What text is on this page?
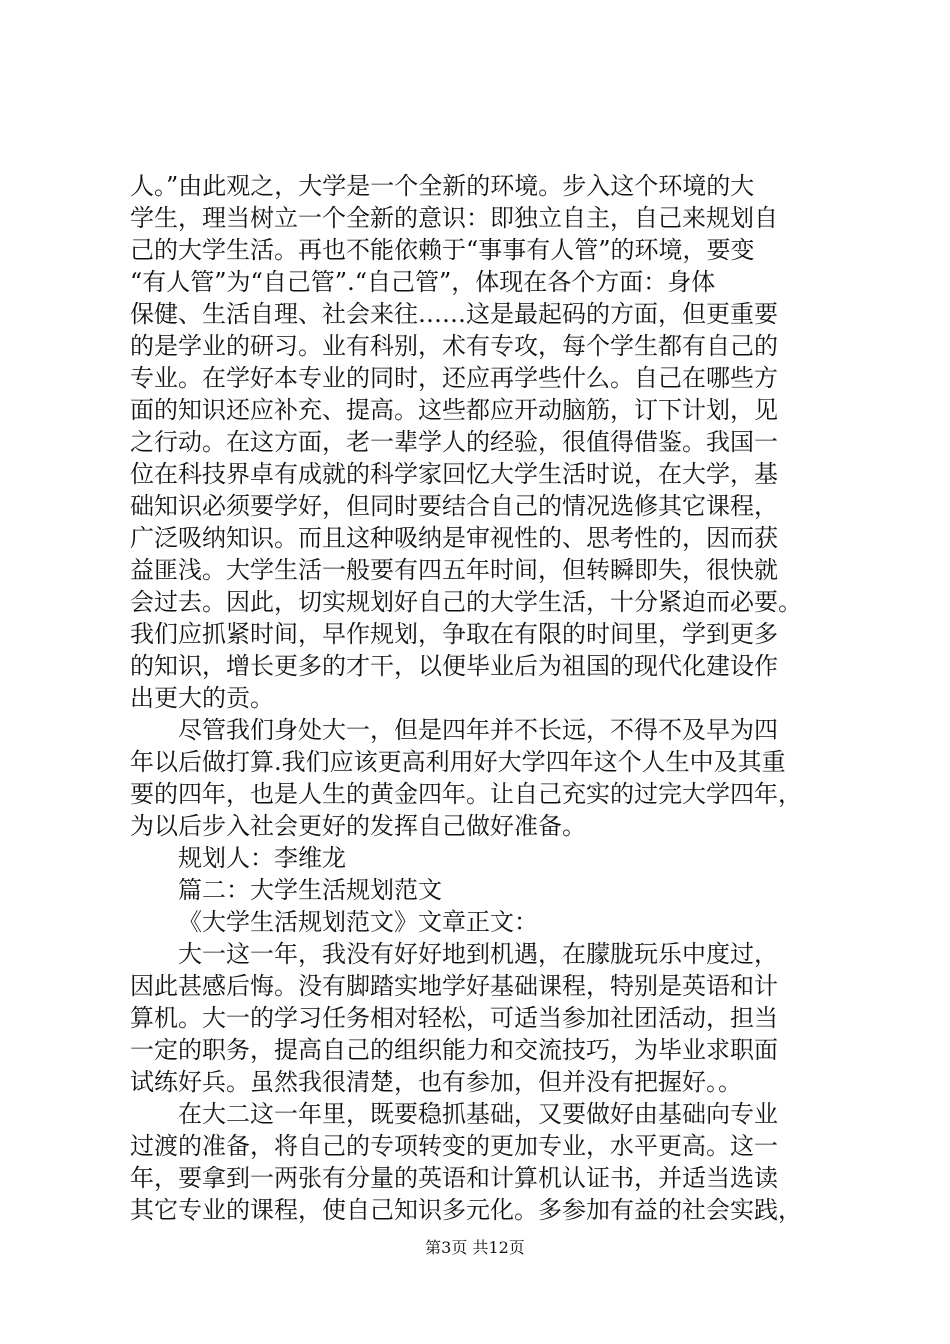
人。”由此观之，大学是一个全新的环境。步入这个环境的大
学生，理当树立一个全新的意识：即独立自主，自己来规划自
己的大学生活。再也不能依赖于“事事有人管”的环境，要变
“有人管”为“自己管”.“自己管”，体现在各个方面：身体
保健、生活自理、社会来往……这是最起码的方面，但更重要
的是学业的研习。业有科别，术有专攻，每个学生都有自己的
专业。在学好本专业的同时，还应再学些什么。自己在哪些方
面的知识还应补充、提高。这些都应开动脑筋，订下计划，见
之行动。在这方面，老一辈学人的经验，很值得借鉴。我国一
位在科技界卓有成就的科学家回忆大学生活时说，在大学，基
础知识必须要学好，但同时要结合自己的情况选修其它课程，
广泛吸纳知识。而且这种吸纳是审视性的、思考性的，因而获
益匪浅。大学生活一般要有四五年时间，但转瞬即失，很快就
会过去。因此，切实规划好自己的大学生活，十分紧迫而必要。
我们应抓紧时间，早作规划，争取在有限的时间里，学到更多
的知识，增长更多的才干，以便毕业后为祖国的现代化建设作
出更大的贡。
尽管我们身处大一，但是四年并不长远，不得不及早为四
年以后做打算.我们应该更高利用好大学四年这个人生中及其重
要的四年，也是人生的黄金四年。让自己充实的过完大学四年，
为以后步入社会更好的发挥自己做好准备。
规划人：李维龙
篇二：大学生活规划范文
《大学生活规划范文》文章正文：
大一这一年，我没有好好地到机遇，在朦胧玩乐中度过，
因此甚感后悔。没有脚踏实地学好基础课程，特别是英语和计
算机。大一的学习任务相对轻松，可适当参加社团活动，担当
一定的职务，提高自己的组织能力和交流技巧，为毕业求职面
试练好兵。虽然我很清楚，也有参加，但并没有把握好。。
在大二这一年里，既要稳抓基础，又要做好由基础向专业
过渡的准备，将自己的专项转变的更加专业，水平更高。这一
年，要拿到一两张有分量的英语和计算机认证书，并适当选读
其它专业的课程，使自己知识多元化。多参加有益的社会实践，
第3页 共12页
